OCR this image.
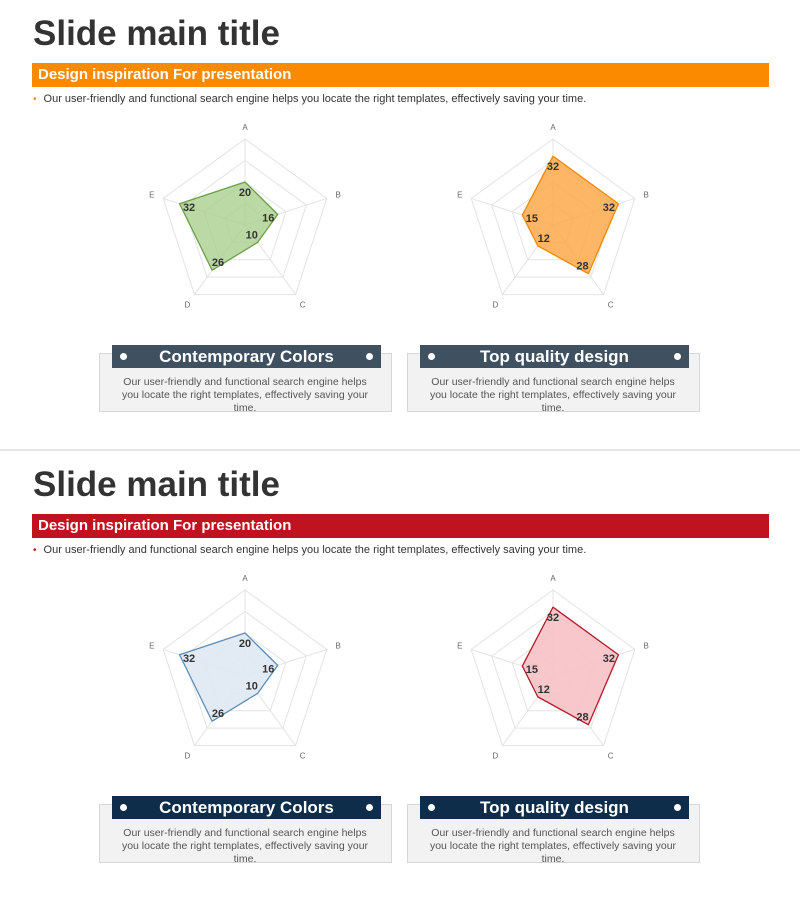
Slide main title
Design inspiration For presentation
• Our user-friendly and functional search engine helps you locate the right templates, effectively saving your time.
A
B
C
D
E	20
16
10
26
32
A
B
C
D
E
32
32
28
12
15
Contemporary Colors
Our user-friendly and functional search engine helps you locate the right templates, effectively saving your time.
Top quality design
Our user-friendly and functional search engine helps you locate the right templates, effectively saving your time.
Slide main title
Design inspiration For presentation
• Our user-friendly and functional search engine helps you locate the right templates, effectively saving your time.
A
B
C
D
E	20
16
10
26
32
A
B
C
D
E
32
32
28
12
15
Contemporary Colors
Our user-friendly and functional search engine helps you locate the right templates, effectively saving your time.
Top quality design
Our user-friendly and functional search engine helps you locate the right templates, effectively saving your time.
